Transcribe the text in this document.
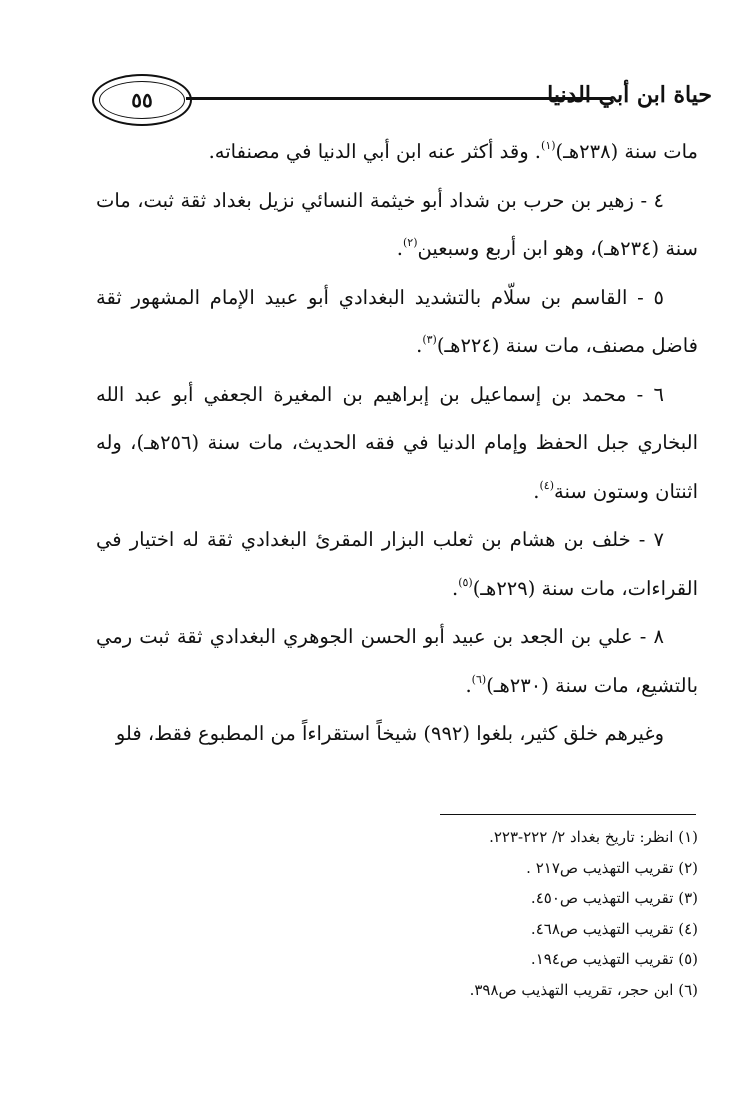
٥٥	حياة ابن أبي الدنيا

مات سنة (٢٣٨هـ)$^{(١)}$. وقد أكثر عنه ابن أبي الدنيا في مصنفاته.

٤ - زهير بن حرب بن شداد أبو خيثمة النسائي نزيل بغداد ثقة ثبت، مات سنة (٢٣٤هـ)، وهو ابن أربع وسبعين$^{(٢)}$.

٥ - القاسم بن سلّام بالتشديد البغدادي أبو عبيد الإمام المشهور ثقة فاضل مصنف، مات سنة (٢٢٤هـ)$^{(٣)}$.

٦ - محمد بن إسماعيل بن إبراهيم بن المغيرة الجعفي أبو عبد الله البخاري جبل الحفظ وإمام الدنيا في فقه الحديث، مات سنة (٢٥٦هـ)، وله اثنتان وستون سنة$^{(٤)}$.

٧ - خلف بن هشام بن ثعلب البزار المقرئ البغدادي ثقة له اختيار في القراءات، مات سنة (٢٢٩هـ)$^{(٥)}$.

٨ - علي بن الجعد بن عبيد أبو الحسن الجوهري البغدادي ثقة ثبت رمي بالتشيع، مات سنة (٢٣٠هـ)$^{(٦)}$.

وغيرهم خلق كثير، بلغوا (٩٩٢) شيخاً استقراءاً من المطبوع فقط، فلو

(١) انظر: تاريخ بغداد ٢/ ٢٢٢-٢٢٣.
(٢) تقريب التهذيب ص٢١٧ .
(٣) تقريب التهذيب ص٤٥٠.
(٤) تقريب التهذيب ص٤٦٨.
(٥) تقريب التهذيب ص١٩٤.
(٦) ابن حجر، تقريب التهذيب ص٣٩٨.
